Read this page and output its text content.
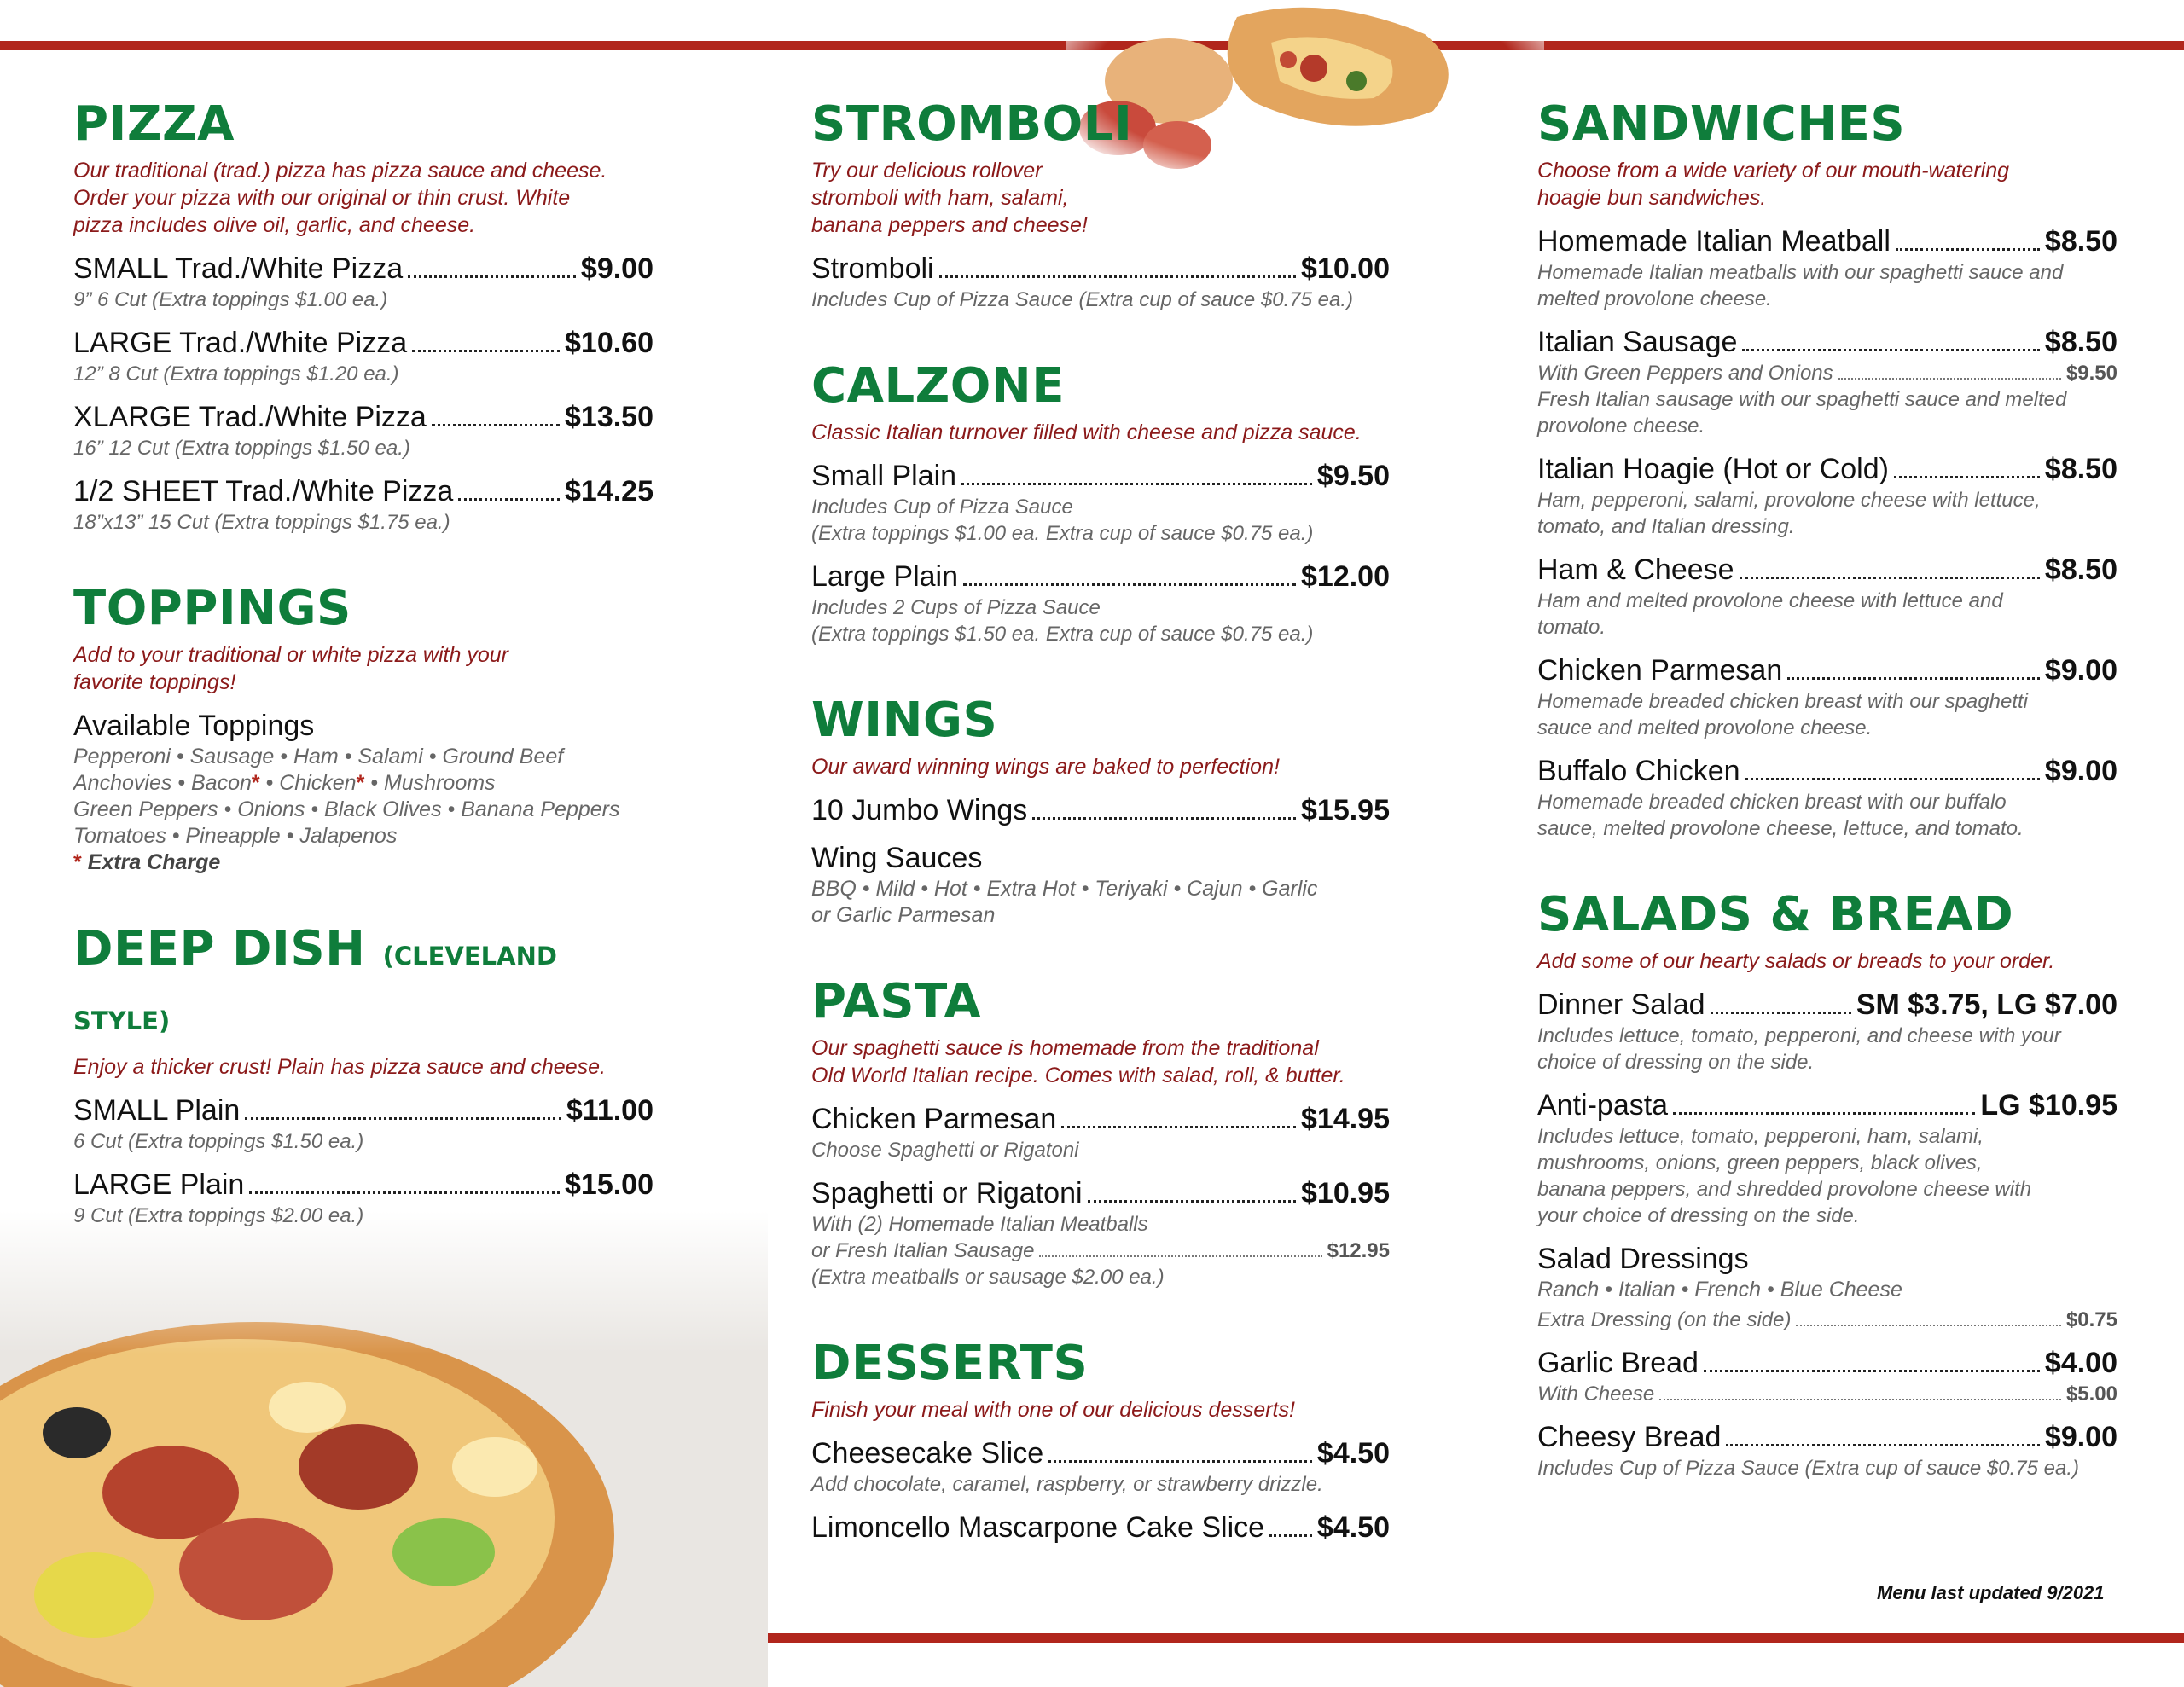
PIZZA
Our traditional (trad.) pizza has pizza sauce and cheese.
Order your pizza with our original or thin crust. White
pizza includes olive oil, garlic, and cheese.
SMALL Trad./White Pizza	$9.00
9” 6 Cut (Extra toppings $1.00 ea.)
LARGE Trad./White Pizza	$10.60
12” 8 Cut (Extra toppings $1.20 ea.)
XLARGE Trad./White Pizza	$13.50
16” 12 Cut (Extra toppings $1.50 ea.)
1/2 SHEET Trad./White Pizza	$14.25
18”x13” 15 Cut (Extra toppings $1.75 ea.)
TOPPINGS
Add to your traditional or white pizza with your
favorite toppings!
Available Toppings
Pepperoni • Sausage • Ham • Salami • Ground Beef
Anchovies • Bacon* • Chicken* • Mushrooms
Green Peppers • Onions • Black Olives • Banana Peppers
Tomatoes • Pineapple • Jalapenos
* Extra Charge
DEEP DISH (CLEVELAND STYLE)
Enjoy a thicker crust! Plain has pizza sauce and cheese.
SMALL Plain	$11.00
6 Cut (Extra toppings $1.50 ea.)
LARGE Plain	$15.00
9 Cut (Extra toppings $2.00 ea.)
STROMBOLI
Try our delicious rollover
stromboli with ham, salami,
banana peppers and cheese!
Stromboli	$10.00
Includes Cup of Pizza Sauce (Extra cup of sauce $0.75 ea.)
CALZONE
Classic Italian turnover filled with cheese and pizza sauce.
Small Plain	$9.50
Includes Cup of Pizza Sauce
(Extra toppings $1.00 ea. Extra cup of sauce $0.75 ea.)
Large Plain	$12.00
Includes 2 Cups of Pizza Sauce
(Extra toppings $1.50 ea. Extra cup of sauce $0.75 ea.)
WINGS
Our award winning wings are baked to perfection!
10 Jumbo Wings	$15.95
Wing Sauces
BBQ • Mild • Hot • Extra Hot • Teriyaki • Cajun • Garlic
or Garlic Parmesan
PASTA
Our spaghetti sauce is homemade from the traditional
Old World Italian recipe. Comes with salad, roll, & butter.
Chicken Parmesan	$14.95
Choose Spaghetti or Rigatoni
Spaghetti or Rigatoni	$10.95
With (2) Homemade Italian Meatballs
or Fresh Italian Sausage	$12.95
(Extra meatballs or sausage $2.00 ea.)
DESSERTS
Finish your meal with one of our delicious desserts!
Cheesecake Slice	$4.50
Add chocolate, caramel, raspberry, or strawberry drizzle.
Limoncello Mascarpone Cake Slice $4.50
SANDWICHES
Choose from a wide variety of our mouth-watering
hoagie bun sandwiches.
Homemade Italian Meatball	$8.50
Homemade Italian meatballs with our spaghetti sauce and
melted provolone cheese.
Italian Sausage	$8.50
With Green Peppers and Onions	$9.50
Fresh Italian sausage with our spaghetti sauce and melted
provolone cheese.
Italian Hoagie (Hot or Cold)	$8.50
Ham, pepperoni, salami, provolone cheese with lettuce,
tomato, and Italian dressing.
Ham & Cheese	$8.50
Ham and melted provolone cheese with lettuce and
tomato.
Chicken Parmesan	$9.00
Homemade breaded chicken breast with our spaghetti
sauce and melted provolone cheese.
Buffalo Chicken	$9.00
Homemade breaded chicken breast with our buffalo
sauce, melted provolone cheese, lettuce, and tomato.
SALADS & BREAD
Add some of our hearty salads or breads to your order.
Dinner Salad	SM $3.75, LG $7.00
Includes lettuce, tomato, pepperoni, and cheese with your
choice of dressing on the side.
Anti-pasta	LG $10.95
Includes lettuce, tomato, pepperoni, ham, salami,
mushrooms, onions, green peppers, black olives,
banana peppers, and shredded provolone cheese with
your choice of dressing on the side.
Salad Dressings
Ranch • Italian • French • Blue Cheese
Extra Dressing (on the side)	$0.75
Garlic Bread	$4.00
With Cheese	$5.00
Cheesy Bread	$9.00
Includes Cup of Pizza Sauce (Extra cup of sauce $0.75 ea.)
Menu last updated 9/2021
